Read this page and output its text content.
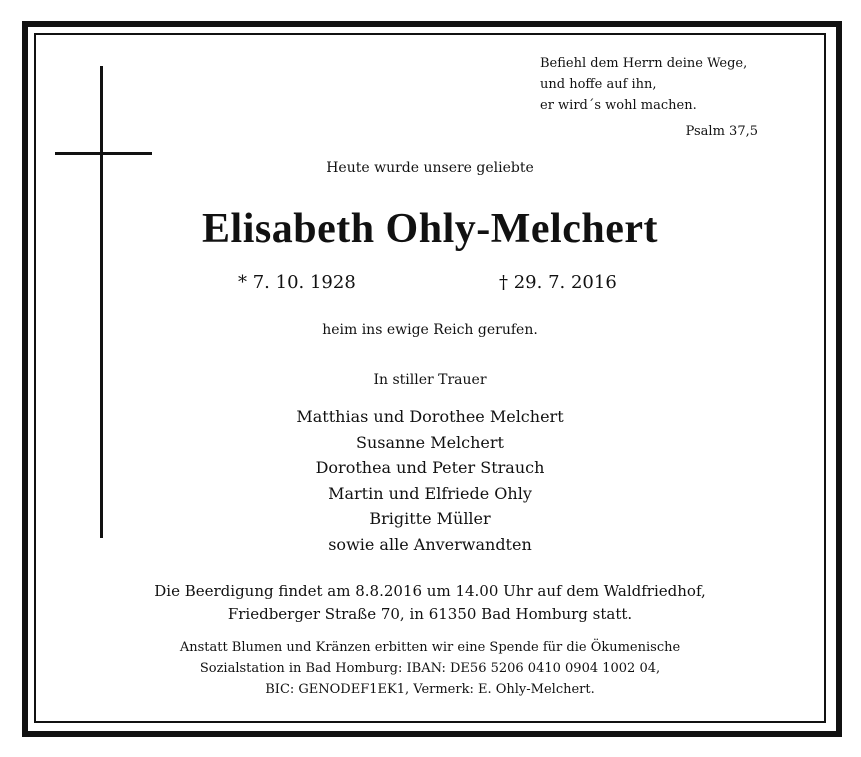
Befiehl dem Herrn deine Wege,
und hoffe auf ihn,
er wird´s wohl machen.
Psalm 37,5
Heute wurde unsere geliebte
Elisabeth Ohly-Melchert
* 7. 10. 1928	† 29. 7. 2016
heim ins ewige Reich gerufen.
In stiller Trauer
Matthias und Dorothee Melchert
Susanne Melchert
Dorothea und Peter Strauch
Martin und Elfriede Ohly
Brigitte Müller
sowie alle Anverwandten
Die Beerdigung findet am 8.8.2016 um 14.00 Uhr auf dem Waldfriedhof,
Friedberger Straße 70, in 61350 Bad Homburg statt.
Anstatt Blumen und Kränzen erbitten wir eine Spende für die Ökumenische
Sozialstation in Bad Homburg: IBAN: DE56 5206 0410 0904 1002 04,
BIC: GENODEF1EK1, Vermerk: E. Ohly-Melchert.
